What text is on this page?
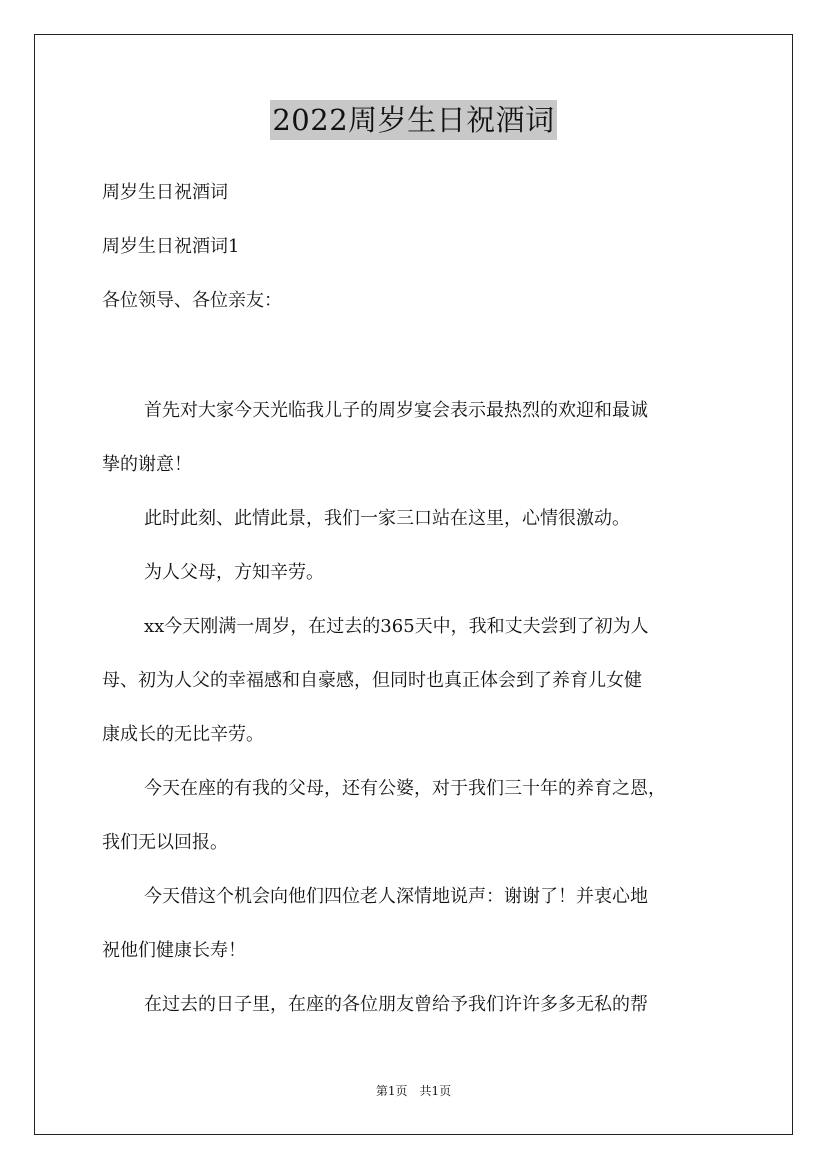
2022周岁生日祝酒词
周岁生日祝酒词
周岁生日祝酒词1
各位领导、各位亲友：
首先对大家今天光临我儿子的周岁宴会表示最热烈的欢迎和最诚
挚的谢意！
此时此刻、此情此景，我们一家三口站在这里，心情很激动。
为人父母，方知辛劳。
xx今天刚满一周岁，在过去的365天中，我和丈夫尝到了初为人
母、初为人父的幸福感和自豪感，但同时也真正体会到了养育儿女健
康成长的无比辛劳。
今天在座的有我的父母，还有公婆，对于我们三十年的养育之恩，
我们无以回报。
今天借这个机会向他们四位老人深情地说声：谢谢了！并衷心地
祝他们健康长寿！
在过去的日子里，在座的各位朋友曾给予我们许许多多无私的帮
第1页　共1页
